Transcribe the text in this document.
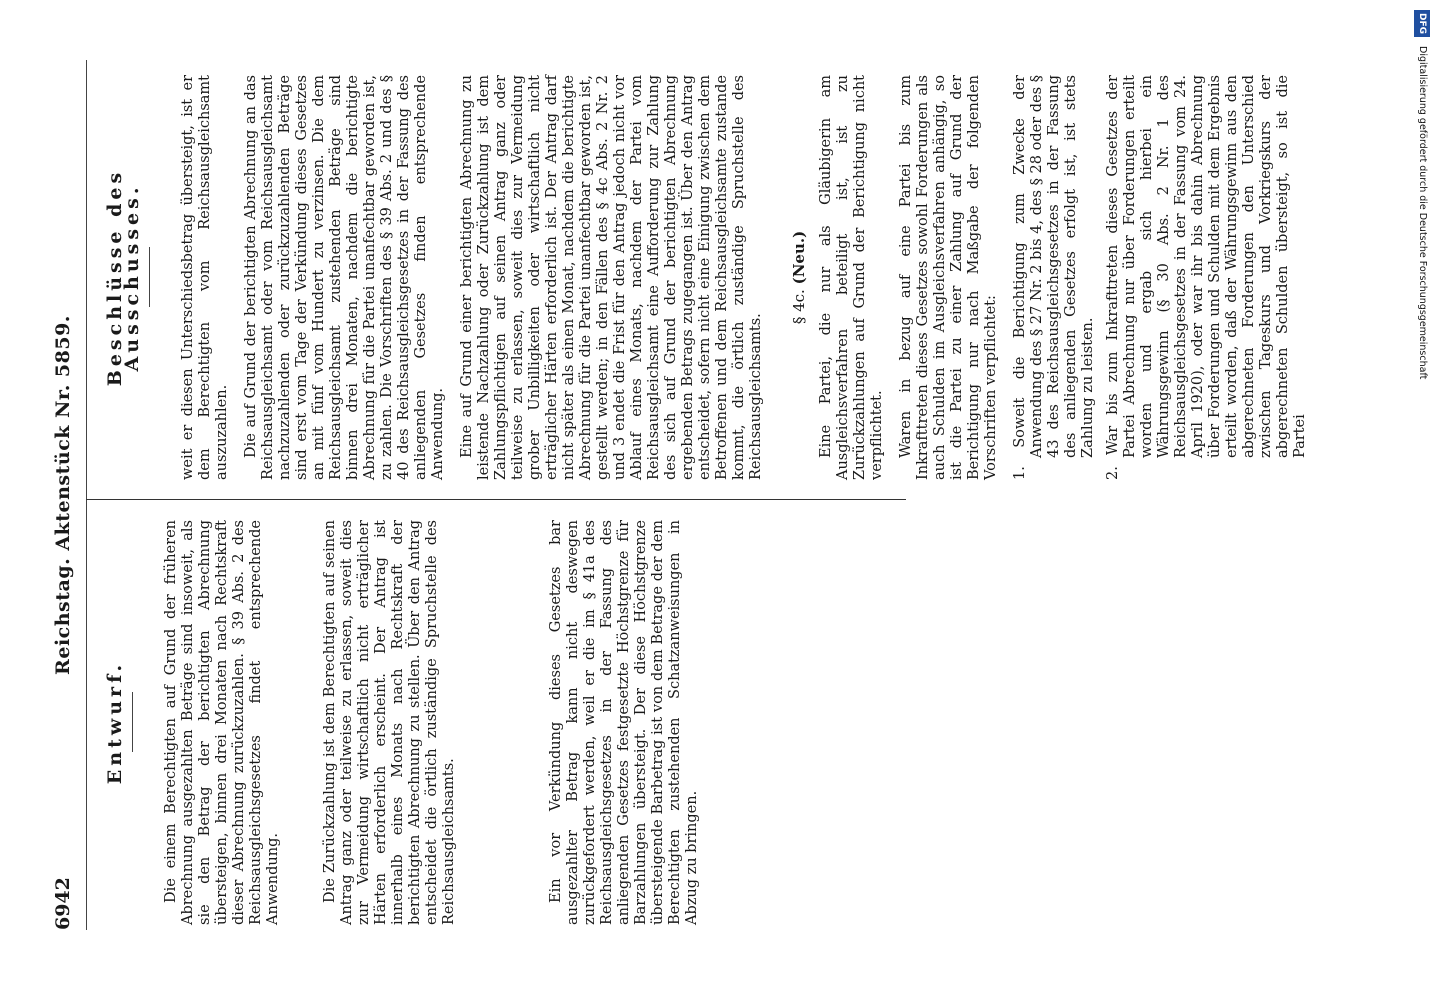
6942
Reichstag. Aktenstück Nr. 5859.
Entwurf.	Die einem Berechtigten auf Grund der früheren Abrechnung ausgezahlten Beträge sind insoweit, als sie den Betrag der berichtigten Abrechnung übersteigen, binnen drei Monaten nach Rechtskraft dieser Abrechnung zurückzuzahlen. § 39 Abs. 2 des Reichsausgleichsgesetzes findet entsprechende Anwendung.	Die Zurückzahlung ist dem Berechtigten auf seinen Antrag ganz oder teilweise zu erlassen, soweit dies zur Vermeidung wirtschaftlich nicht erträglicher Härten erforderlich erscheint. Der Antrag ist innerhalb eines Monats nach Rechtskraft der berichtigten Abrechnung zu stellen. Über den Antrag entscheidet die örtlich zuständige Spruchstelle des Reichsausgleichsamts.	Ein vor Verkündung dieses Gesetzes bar ausgezahlter Betrag kann nicht deswegen zurückgefordert werden, weil er die im § 41a des Reichsausgleichsgesetzes in der Fassung des anliegenden Gesetzes festgesetzte Höchstgrenze für Barzahlungen übersteigt. Der diese Höchstgrenze übersteigende Barbetrag ist von dem Betrage der dem Berechtigten zustehenden Schatzanweisungen in Abzug zu bringen.

Beschlüsse des Ausschusses.	weit er diesen Unterschiedsbetrag übersteigt, ist er dem Berechtigten vom Reichsausgleichsamt auszuzahlen. Die auf Grund der berichtigten Abrechnung an das Reichsausgleichsamt oder vom Reichsausgleichsamt nachzuzahlenden oder zurückzuzahlenden Beträge sind erst vom Tage der Verkündung dieses Gesetzes an mit fünf vom Hundert zu verzinsen. Die dem Reichsausgleichsamt zustehenden Beträge sind binnen drei Monaten, nachdem die berichtigte Abrechnung für die Partei unanfechtbar geworden ist, zu zahlen. Die Vorschriften des § 39 Abs. 2 und des § 40 des Reichsausgleichsgesetzes in der Fassung des anliegenden Gesetzes finden entsprechende Anwendung. Eine auf Grund einer berichtigten Abrechnung zu leistende Nachzahlung oder Zurückzahlung ist dem Zahlungspflichtigen auf seinen Antrag ganz oder teilweise zu erlassen, soweit dies zur Vermeidung grober Unbilligkeiten oder wirtschaftlich nicht erträglicher Härten erforderlich ist. Der Antrag darf nicht später als einen Monat, nachdem die berichtigte Abrechnung für die Partei unanfechtbar geworden ist, gestellt werden; in den Fällen des § 4c Abs. 2 Nr. 2 und 3 endet die Frist für den Antrag jedoch nicht vor Ablauf eines Monats, nachdem der Partei vom Reichsausgleichsamt eine Aufforderung zur Zahlung des sich auf Grund der berichtigten Abrechnung ergebenden Betrags zugegangen ist. Über den Antrag entscheidet, sofern nicht eine Einigung zwischen dem Betroffenen und dem Reichsausgleichsamte zustande kommt, die örtlich zuständige Spruchstelle des Reichsausgleichsamts.

§ 4c. (Neu.) Eine Partei, die nur als Gläubigerin am Ausgleichsverfahren beteiligt ist, ist zu Zurückzahlungen auf Grund der Berichtigung nicht verpflichtet. Waren in bezug auf eine Partei bis zum Inkrafttreten dieses Gesetzes sowohl Forderungen als auch Schulden im Ausgleichsverfahren anhängig, so ist die Partei zu einer Zahlung auf Grund der Berichtigung nur nach Maßgabe der folgenden Vorschriften verpflichtet: 1. Soweit die Berichtigung zum Zwecke der Anwendung des § 27 Nr. 2 bis 4, des § 28 oder des § 43 des Reichsausgleichsgesetzes in der Fassung des anliegenden Gesetzes erfolgt ist, ist stets Zahlung zu leisten. 2. War bis zum Inkrafttreten dieses Gesetzes der Partei Abrechnung nur über Forderungen erteilt worden und ergab sich hierbei ein Währungsgewinn (§ 30 Abs. 2 Nr. 1 des Reichsausgleichsgesetzes in der Fassung vom 24. April 1920), oder war ihr bis dahin Abrechnung über Forderungen und Schulden mit dem Ergebnis erteilt worden, daß der Währungsgewinn aus den abgerechneten Forderungen den Unterschied zwischen Tageskurs und Vorkriegskurs der abgerechneten Schulden übersteigt, so ist die Partei
DFG Digitalisierung gefördert durch die Deutsche Forschungsgemeinschaft
